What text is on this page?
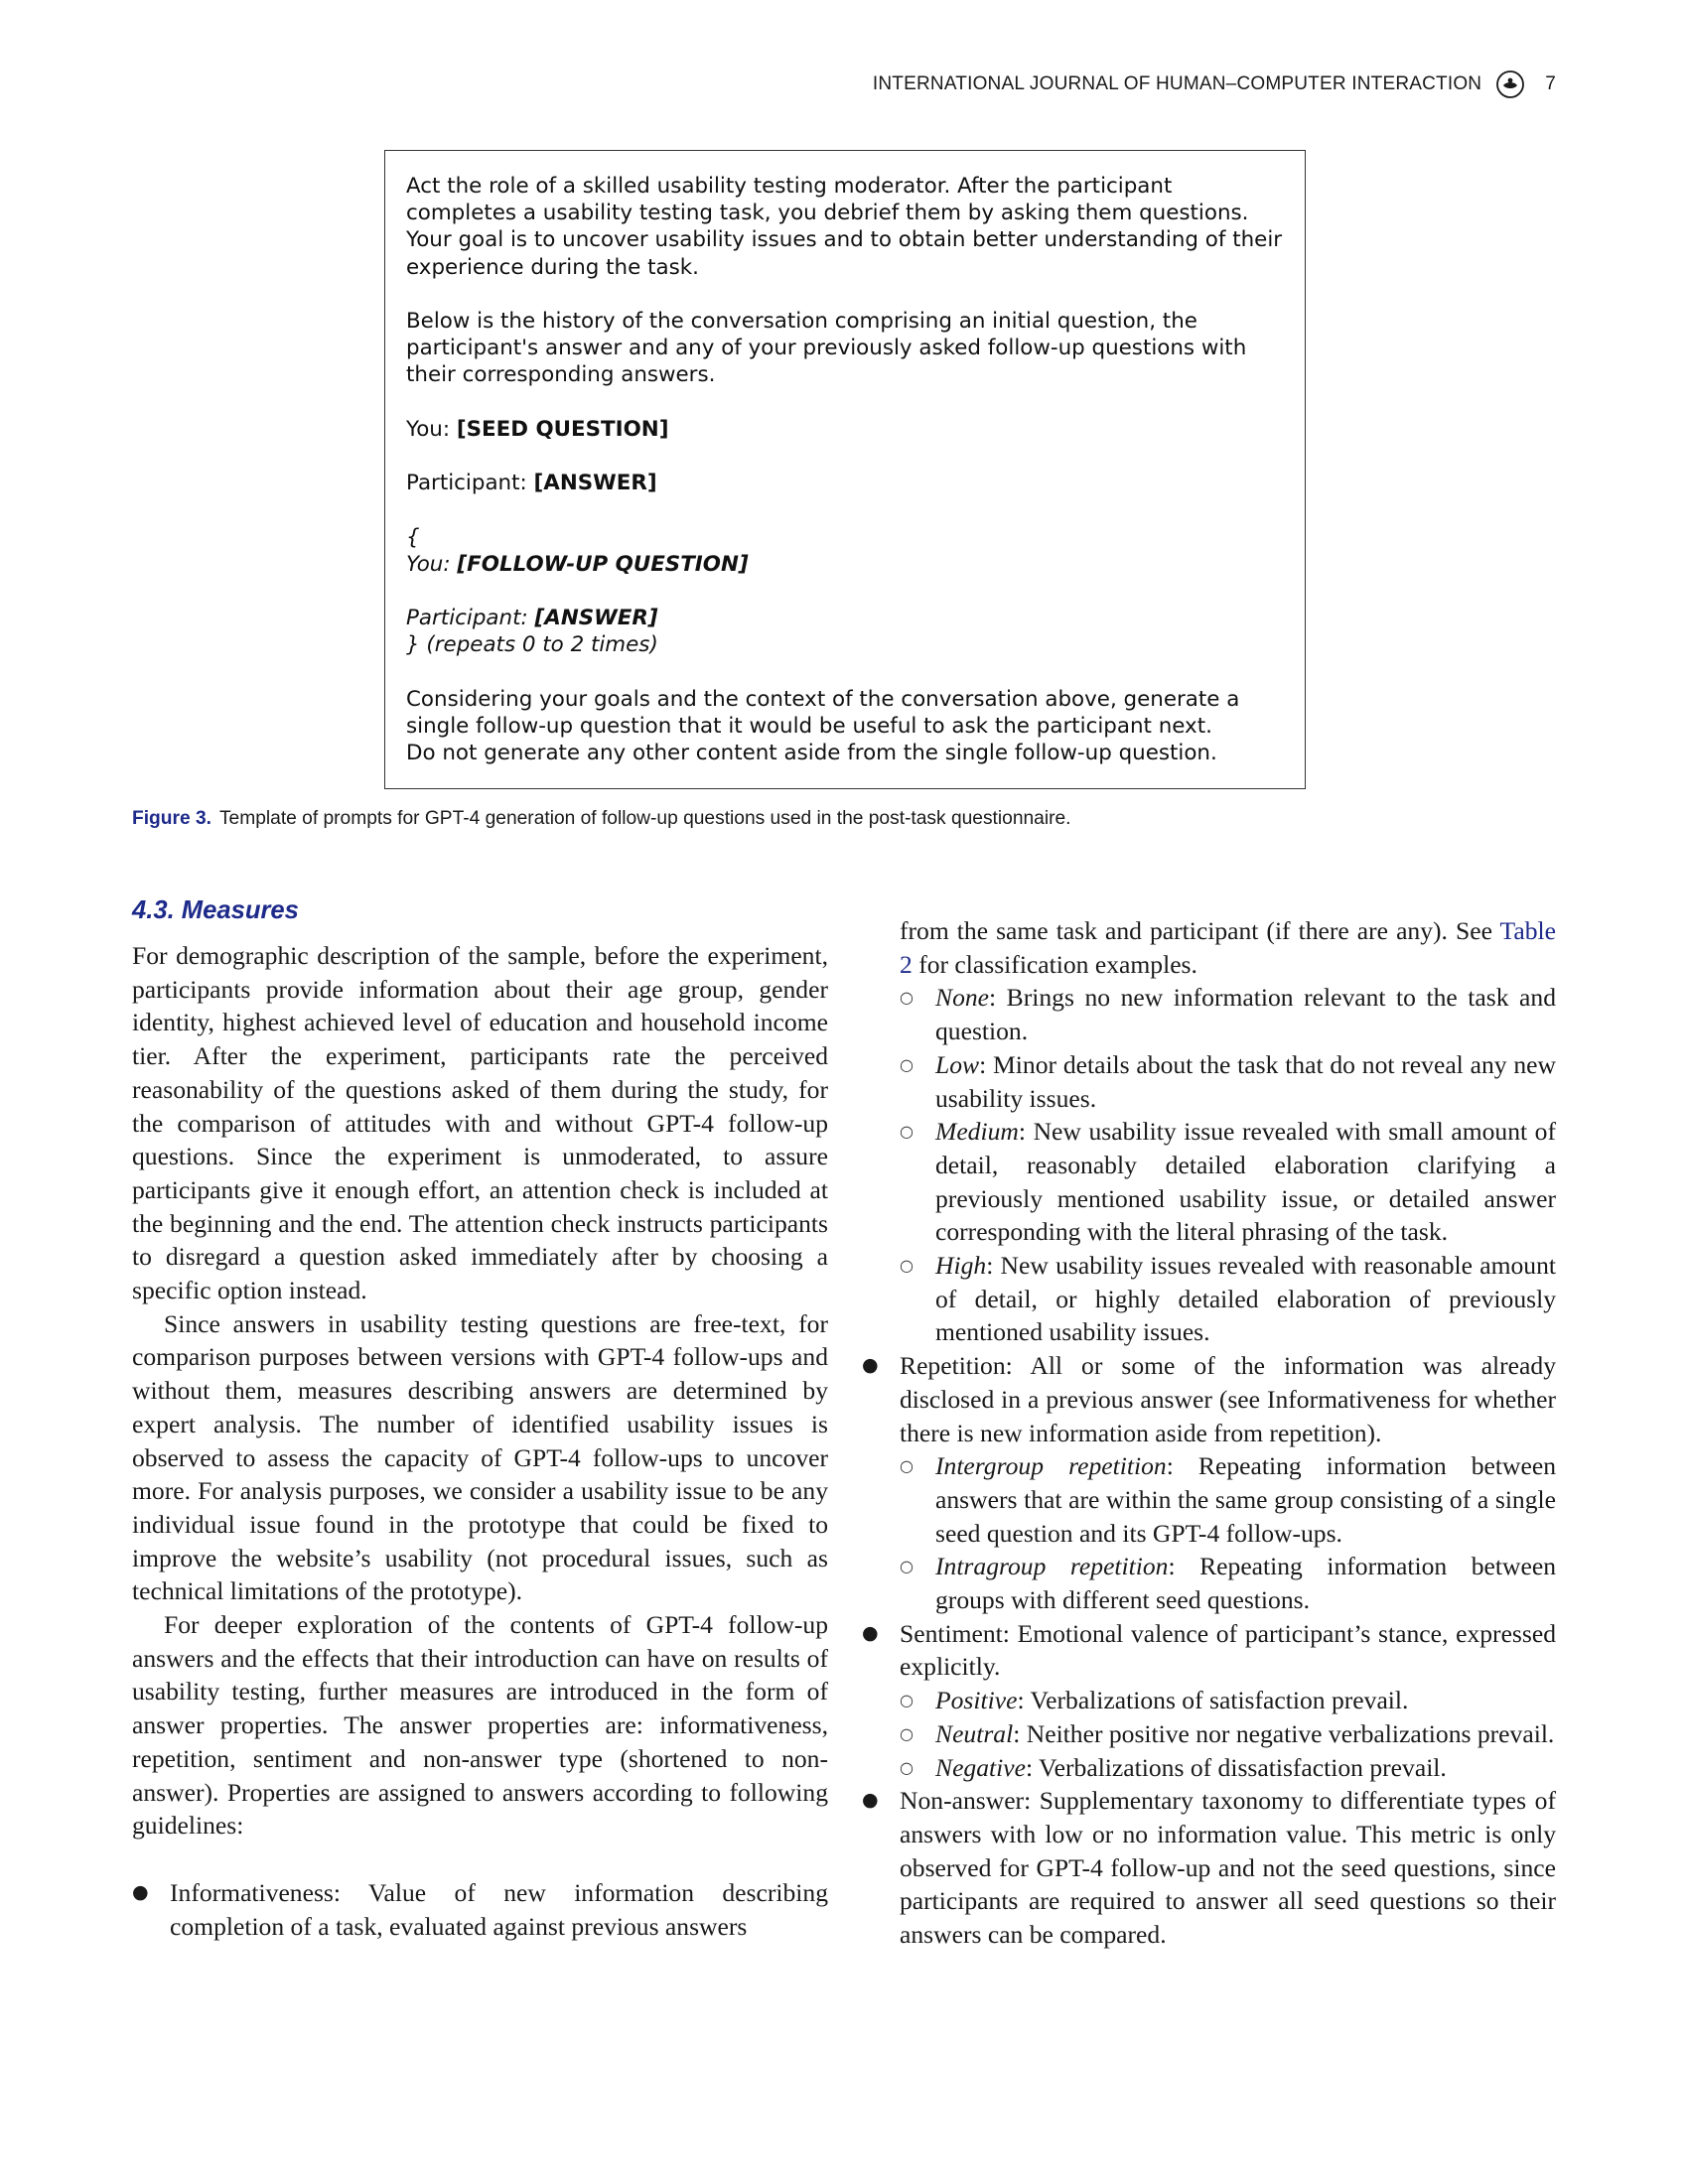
INTERNATIONAL JOURNAL OF HUMAN–COMPUTER INTERACTION	7

Act the role of a skilled usability testing moderator. After the participant completes a usability testing task, you debrief them by asking them questions. Your goal is to uncover usability issues and to obtain better understanding of their experience during the task.

Below is the history of the conversation comprising an initial question, the participant's answer and any of your previously asked follow-up questions with their corresponding answers.

You: [SEED QUESTION]

Participant: [ANSWER]

{

You: [FOLLOW-UP QUESTION]

Participant: [ANSWER]

} (repeats 0 to 2 times)

Considering your goals and the context of the conversation above, generate a

single follow-up question that it would be useful to ask the participant next.

Do not generate any other content aside from the single follow-up question.

Figure 3. Template of prompts for GPT-4 generation of follow-up questions used in the post-task questionnaire.
4.3. Measures

For demographic description of the sample, before the experiment, participants provide information about their age group, gender identity, highest achieved level of education and household income tier. After the experiment, participants rate the perceived reasonability of the questions asked of them during the study, for the comparison of attitudes with and without GPT-4 follow-up questions. Since the experiment is unmoderated, to assure participants give it enough effort, an attention check is included at the beginning and the end. The attention check instructs participants to disregard a question asked immediately after by choosing a specific option instead.

Since answers in usability testing questions are free-text, for comparison purposes between versions with GPT-4 follow-ups and without them, measures describing answers are determined by expert analysis. The number of identified usability issues is observed to assess the capacity of GPT-4 follow-ups to uncover more. For analysis purposes, we consider a usability issue to be any individual issue found in the prototype that could be fixed to improve the website’s usability (not procedural issues, such as technical limitations of the prototype).

For deeper exploration of the contents of GPT-4 follow-up answers and the effects that their introduction can have on results of usability testing, further measures are introduced in the form of answer properties. The answer properties are: informativeness, repetition, sentiment and non-answer type (shortened to non-answer). Properties are assigned to answers according to following guidelines:

● Informativeness: Value of new information describing completion of a task, evaluated against previous answers

from the same task and participant (if there are any). See Table 2 for classification examples.

○ None: Brings no new information relevant to the task and question.
○ Low: Minor details about the task that do not reveal any new usability issues.
○ Medium: New usability issue revealed with small amount of detail, reasonably detailed elaboration clarifying a previously mentioned usability issue, or detailed answer corresponding with the literal phrasing of the task.
○ High: New usability issues revealed with reasonable amount of detail, or highly detailed elaboration of previously mentioned usability issues.
● Repetition: All or some of the information was already disclosed in a previous answer (see Informativeness for whether there is new information aside from repetition).
○ Intergroup repetition: Repeating information between answers that are within the same group consisting of a single seed question and its GPT-4 follow-ups.
○ Intragroup repetition: Repeating information between groups with different seed questions.
● Sentiment: Emotional valence of participant’s stance, expressed explicitly.
○ Positive: Verbalizations of satisfaction prevail.
○ Neutral: Neither positive nor negative verbalizations prevail.
○ Negative: Verbalizations of dissatisfaction prevail.
● Non-answer: Supplementary taxonomy to differentiate types of answers with low or no information value. This metric is only observed for GPT-4 follow-up and not the seed questions, since participants are required to answer all seed questions so their answers can be compared.
